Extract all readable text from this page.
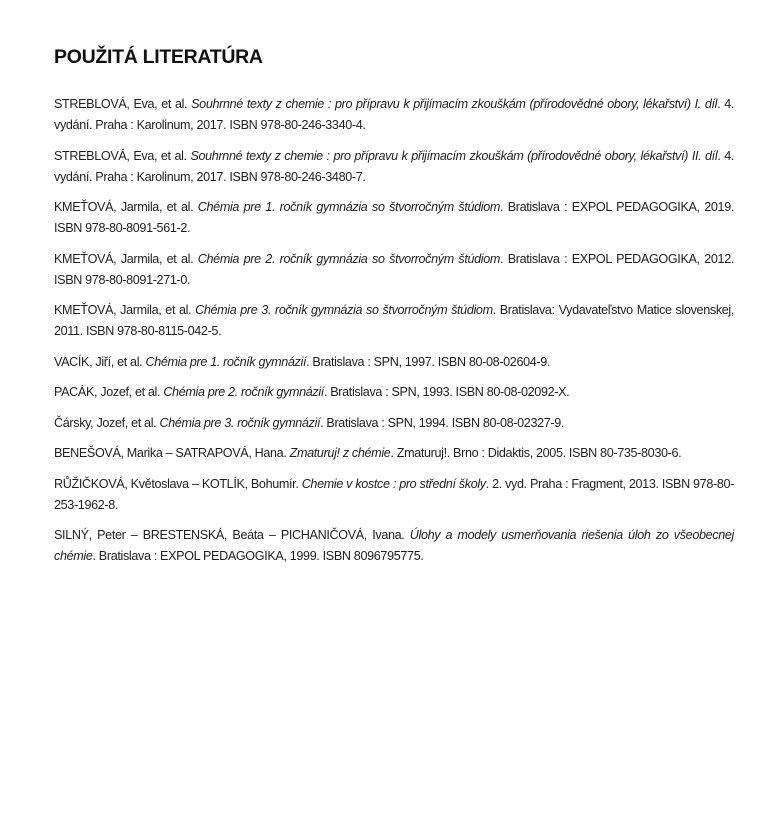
POUŽITÁ LITERATÚRA
STREBLOVÁ, Eva, et al. Souhrnné texty z chemie : pro přípravu k přijímacím zkouškám (přírodovědné obory, lékařství) I. díl. 4. vydání. Praha : Karolinum, 2017. ISBN 978-80-246-3340-4.
STREBLOVÁ, Eva, et al. Souhrnné texty z chemie : pro přípravu k přijímacím zkouškám (přírodovědné obory, lékařství) II. díl. 4. vydání. Praha : Karolinum, 2017. ISBN 978-80-246-3480-7.
KMEŤOVÁ, Jarmila, et al. Chémia pre 1. ročník gymnázia so štvorročným štúdiom. Bratislava : EXPOL PEDAGOGIKA, 2019. ISBN 978-80-8091-561-2.
KMEŤOVÁ, Jarmila, et al. Chémia pre 2. ročník gymnázia so štvorročným štúdiom. Bratislava : EXPOL PEDAGOGIKA, 2012. ISBN 978-80-8091-271-0.
KMEŤOVÁ, Jarmila, et al. Chémia pre 3. ročník gymnázia so štvorročným štúdiom. Bratislava: Vydavateľstvo Matice slovenskej, 2011. ISBN 978-80-8115-042-5.
VACÍK, Jiří, et al. Chémia pre 1. ročník gymnázií. Bratislava : SPN, 1997. ISBN 80-08-02604-9.
PACÁK, Jozef, et al. Chémia pre 2. ročník gymnázií. Bratislava : SPN, 1993. ISBN 80-08-02092-X.
Čársky, Jozef, et al. Chémia pre 3. ročník gymnázií. Bratislava : SPN, 1994. ISBN 80-08-02327-9.
BENEŠOVÁ, Marika – SATRAPOVÁ, Hana. Zmaturuj! z chémie. Zmaturuj!. Brno : Didaktis, 2005. ISBN 80-735-8030-6.
RŮŽIČKOVÁ, Květoslava – KOTLÍK, Bohumír. Chemie v kostce : pro střední školy. 2. vyd. Praha : Fragment, 2013. ISBN 978-80-253-1962-8.
SILNÝ, Peter – BRESTENSKÁ, Beáta – PICHANIČOVÁ, Ivana. Úlohy a modely usmerňovania riešenia úloh zo všeobecnej chémie. Bratislava : EXPOL PEDAGOGIKA, 1999. ISBN 8096795775.
